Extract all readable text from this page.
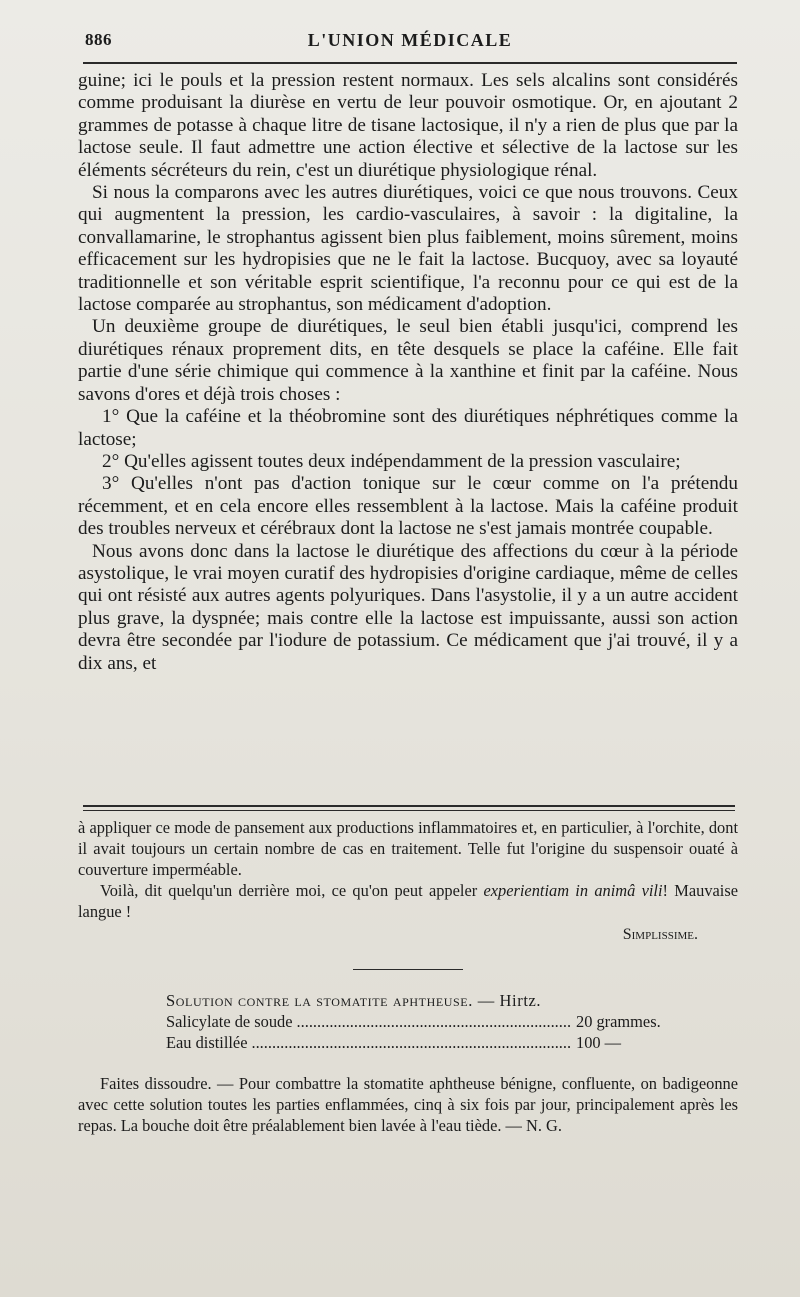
886	L'UNION MÉDICALE

guine; ici le pouls et la pression restent normaux. Les sels alcalins sont considérés comme produisant la diurèse en vertu de leur pouvoir osmotique. Or, en ajoutant 2 grammes de potasse à chaque litre de tisane lactosique, il n'y a rien de plus que par la lactose seule. Il faut admettre une action élective et sélective de la lactose sur les éléments sécréteurs du rein, c'est un diurétique physiologique rénal.

Si nous la comparons avec les autres diurétiques, voici ce que nous trouvons. Ceux qui augmentent la pression, les cardio-vasculaires, à savoir : la digitaline, la convallamarine, le strophantus agissent bien plus faiblement, moins sûrement, moins efficacement sur les hydropisies que ne le fait la lactose. Bucquoy, avec sa loyauté traditionnelle et son véritable esprit scientifique, l'a reconnu pour ce qui est de la lactose comparée au strophantus, son médicament d'adoption.

Un deuxième groupe de diurétiques, le seul bien établi jusqu'ici, comprend les diurétiques rénaux proprement dits, en tête desquels se place la caféine. Elle fait partie d'une série chimique qui commence à la xanthine et finit par la caféine. Nous savons d'ores et déjà trois choses :

1° Que la caféine et la théobromine sont des diurétiques néphrétiques comme la lactose;

2° Qu'elles agissent toutes deux indépendamment de la pression vasculaire;

3° Qu'elles n'ont pas d'action tonique sur le cœur comme on l'a prétendu récemment, et en cela encore elles ressemblent à la lactose. Mais la caféine produit des troubles nerveux et cérébraux dont la lactose ne s'est jamais montrée coupable.

Nous avons donc dans la lactose le diurétique des affections du cœur à la période asystolique, le vrai moyen curatif des hydropisies d'origine cardiaque, même de celles qui ont résisté aux autres agents polyuriques. Dans l'asystolie, il y a un autre accident plus grave, la dyspnée; mais contre elle la lactose est impuissante, aussi son action devra être secondée par l'iodure de potassium. Ce médicament que j'ai trouvé, il y a dix ans, et

à appliquer ce mode de pansement aux productions inflammatoires et, en particulier, à l'orchite, dont il avait toujours un certain nombre de cas en traitement. Telle fut l'origine du suspensoir ouaté à couverture imperméable.

Voilà, dit quelqu'un derrière moi, ce qu'on peut appeler experientiam in animâ vili! Mauvaise langue !

Simplissime.
Solution contre la stomatite aphtheuse. — Hirtz.
Salicylate de soude .....	20 grammes.
Eau distillée .....	100 —

Faites dissoudre. — Pour combattre la stomatite aphtheuse bénigne, confluente, on badigeonne avec cette solution toutes les parties enflammées, cinq à six fois par jour, principalement après les repas. La bouche doit être préalablement bien lavée à l'eau tiède. — N. G.
